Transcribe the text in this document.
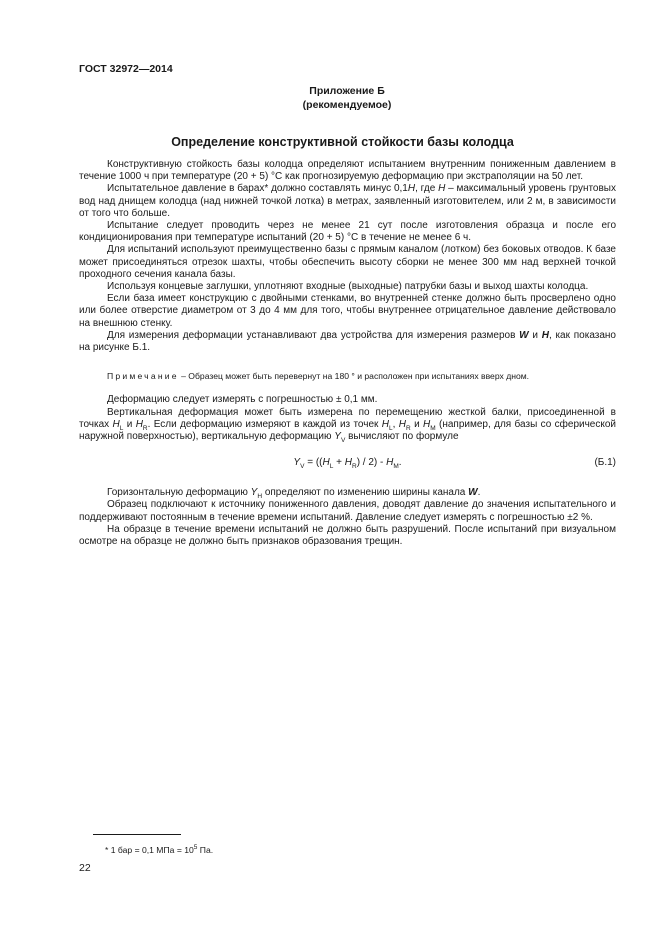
ГОСТ 32972—2014
Приложение Б
(рекомендуемое)
Определение конструктивной стойкости базы колодца

Конструктивную стойкость базы колодца определяют испытанием внутренним пониженным давлением в течение 1000 ч при температуре (20 + 5) °С как прогнозируемую деформацию при экстраполяции на 50 лет.

Испытательное давление в барах* должно составлять минус 0,1H, где H – максимальный уровень грунтовых вод над днищем колодца (над нижней точкой лотка) в метрах, заявленный изготовителем, или 2 м, в зависимости от того что больше.

Испытание следует проводить через не менее 21 сут после изготовления образца и после его кондиционирования при температуре испытаний (20 + 5) °С в течение не менее 6 ч.

Для испытаний используют преимущественно базы с прямым каналом (лотком) без боковых отводов. К базе может присоединяться отрезок шахты, чтобы обеспечить высоту сборки не менее 300 мм над верхней точкой проходного сечения канала базы.

Используя концевые заглушки, уплотняют входные (выходные) патрубки базы и выход шахты колодца.

Если база имеет конструкцию с двойными стенками, во внутренней стенке должно быть просверлено одно или более отверстие диаметром от 3 до 4 мм для того, чтобы внутреннее отрицательное давление действовало на внешнюю стенку.

Для измерения деформации устанавливают два устройства для измерения размеров W и H, как показано на рисунке Б.1.

Примечание – Образец может быть перевернут на 180 ° и расположен при испытаниях вверх дном.

Деформацию следует измерять с погрешностью ± 0,1 мм.

Вертикальная деформация может быть измерена по перемещению жесткой балки, присоединенной в точках $H_L$ и $H_R$. Если деформацию измеряют в каждой из точек $H_L$, $H_R$ и $H_M$ (например, для базы со сферической наружной поверхностью), вертикальную деформацию $Y_V$ вычисляют по формуле

$Y_V = ((H_L + H_R) / 2) - H_M$.	(Б.1)

Горизонтальную деформацию $Y_H$ определяют по изменению ширины канала W.

Образец подключают к источнику пониженного давления, доводят давление до значения испытательного и поддерживают постоянным в течение времени испытаний. Давление следует измерять с погрешностью ±2 %.

На образце в течение времени испытаний не должно быть разрушений. После испытаний при визуальном осмотре на образце не должно быть признаков образования трещин.

* 1 бар = 0,1 МПа = $10^5$ Па.
22
